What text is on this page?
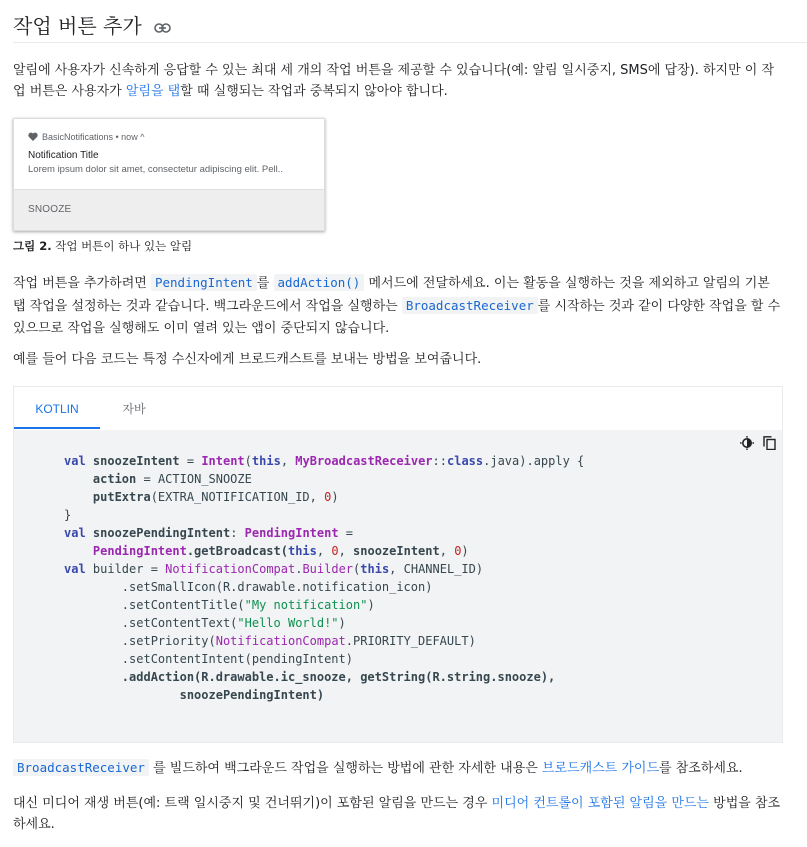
작업 버튼 추가

알림에 사용자가 신속하게 응답할 수 있는 최대 세 개의 작업 버튼을 제공할 수 있습니다(예: 알림 일시중지, SMS에 답장). 하지만 이 작업 버튼은 사용자가 알림을 탭할 때 실행되는 작업과 중복되지 않아야 합니다.

BasicNotifications • now ^
Notification Title
Lorem ipsum dolor sit amet, consectetur adipiscing elit. Pell..
SNOOZE
그림 2. 작업 버튼이 하나 있는 알림

작업 버튼을 추가하려면 PendingIntent 를 addAction() 메서드에 전달하세요. 이는 활동을 실행하는 것을 제외하고 알림의 기본 탭 작업을 설정하는 것과 같습니다. 백그라운드에서 작업을 실행하는 BroadcastReceiver 를 시작하는 것과 같이 다양한 작업을 할 수 있으므로 작업을 실행해도 이미 열려 있는 앱이 중단되지 않습니다.

예를 들어 다음 코드는 특정 수신자에게 브로드캐스트를 보내는 방법을 보여줍니다.

KOTLIN	자바

val snoozeIntent = Intent(this, MyBroadcastReceiver::class.java).apply {
action = ACTION_SNOOZE
putExtra(EXTRA_NOTIFICATION_ID, 0)
}
val snoozePendingIntent: PendingIntent =
PendingIntent.getBroadcast(this, 0, snoozeIntent, 0)
val builder = NotificationCompat.Builder(this, CHANNEL_ID)
.setSmallIcon(R.drawable.notification_icon)
.setContentTitle("My notification")
.setContentText("Hello World!")
.setPriority(NotificationCompat.PRIORITY_DEFAULT)
.setContentIntent(pendingIntent)
.addAction(R.drawable.ic_snooze, getString(R.string.snooze),
snoozePendingIntent)

BroadcastReceiver 를 빌드하여 백그라운드 작업을 실행하는 방법에 관한 자세한 내용은 브로드캐스트 가이드를 참조하세요.

대신 미디어 재생 버튼(예: 트랙 일시중지 및 건너뛰기)이 포함된 알림을 만드는 경우 미디어 컨트롤이 포함된 알림을 만드는 방법을 참조하세요.
